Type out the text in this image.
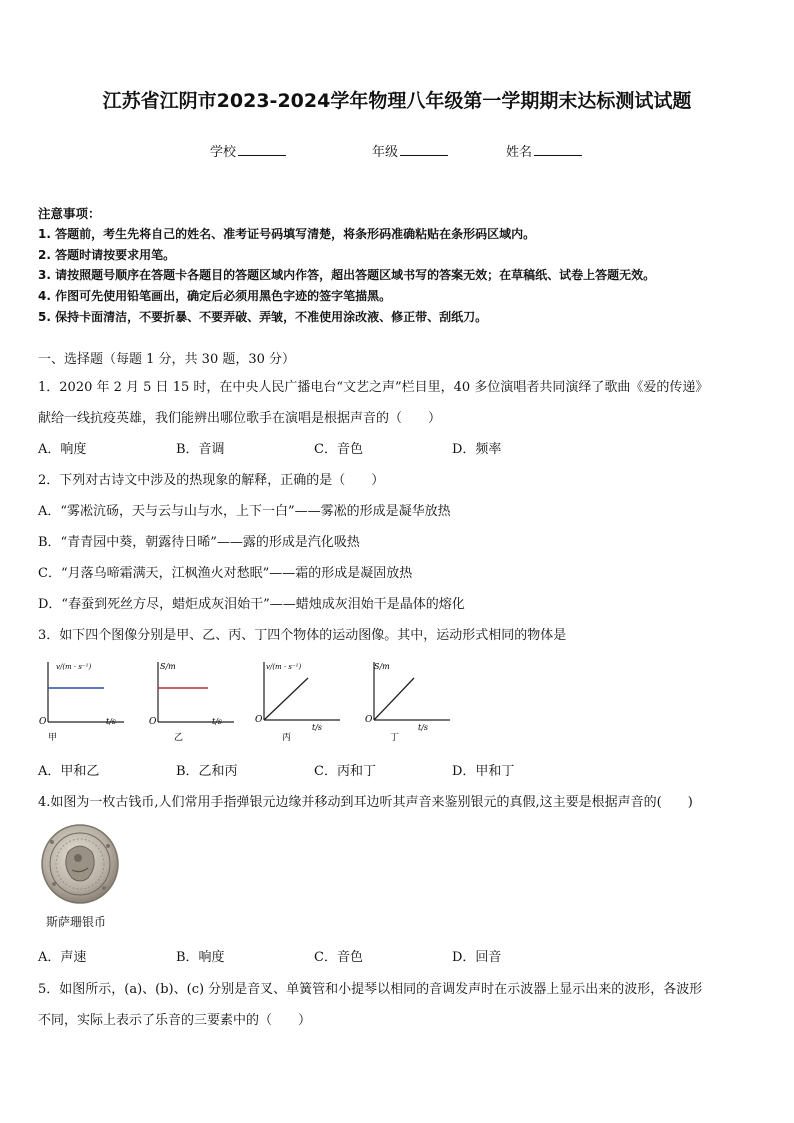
江苏省江阴市2023-2024学年物理八年级第一学期期末达标测试试题
学校	年级	姓名
注意事项：
1. 答题前，考生先将自己的姓名、准考证号码填写清楚，将条形码准确粘贴在条形码区域内。
2. 答题时请按要求用笔。
3. 请按照题号顺序在答题卡各题目的答题区域内作答，超出答题区域书写的答案无效；在草稿纸、试卷上答题无效。
4. 作图可先使用铅笔画出，确定后必须用黑色字迹的签字笔描黑。
5. 保持卡面清洁，不要折暴、不要弄破、弄皱，不准使用涂改液、修正带、刮纸刀。
一、选择题（每题 1 分，共 30 题，30 分）
1．2020 年 2 月 5 日 15 时，在中央人民广播电台“文艺之声”栏目里，40 多位演唱者共同演绎了歌曲《爱的传递》
献给一线抗疫英雄，我们能辨出哪位歌手在演唱是根据声音的（　　）
A．响度	B．音调	C．音色	D．频率
2．下列对古诗文中涉及的热现象的解释，正确的是（　　）
A．“雾凇沆砀，天与云与山与水，上下一白”——雾凇的形成是凝华放热
B．“青青园中葵，朝露待日晞”——露的形成是汽化吸热
C．“月落乌啼霜满天，江枫渔火对愁眠”——霜的形成是凝固放热
D．“春蚕到死丝方尽，蜡炬成灰泪始干”——蜡烛成灰泪始干是晶体的熔化
3．如下四个图像分别是甲、乙、丙、丁四个物体的运动图像。其中，运动形式相同的物体是
v/(m · s⁻¹)
t/s
O
甲
S/m
t/s
O
乙
v/(m · s⁻¹)
t/s
O
丙
S/m
t/s
O
丁
A．甲和乙	B．乙和丙	C．丙和丁	D．甲和丁
4.如图为一枚古钱币,人们常用手指弹银元边缘并移动到耳边听其声音来鉴别银元的真假,这主要是根据声音的(　　)
斯萨珊银币
A．声速	B．响度	C．音色	D．回音
5．如图所示，(a)、(b)、(c) 分别是音叉、单簧管和小提琴以相同的音调发声时在示波器上显示出来的波形，各波形
不同，实际上表示了乐音的三要素中的（　　）
